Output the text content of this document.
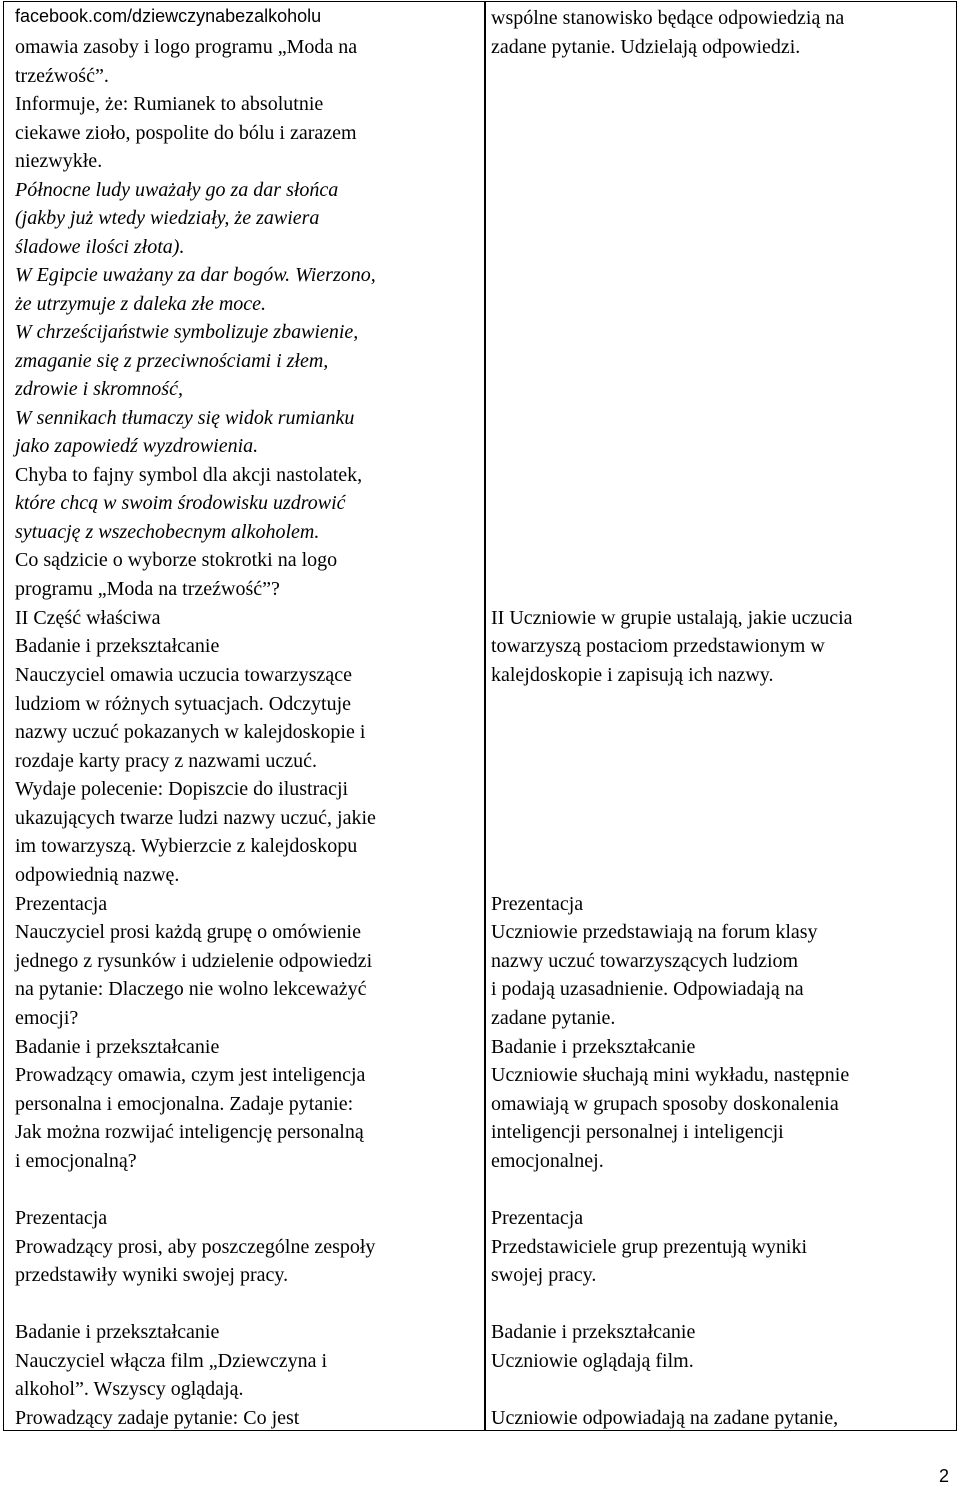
facebook.com/dziewczynabezalkoholu
omawia zasoby i logo programu „Moda na
trzeźwość”.
Informuje, że: Rumianek to absolutnie
ciekawe zioło, pospolite do bólu i zarazem
niezwykłe.
Północne ludy uważały go za dar słońca
(jakby już wtedy wiedziały, że zawiera
śladowe ilości złota).
W Egipcie uważany za dar bogów. Wierzono,
że utrzymuje z daleka złe moce.
W chrześcijaństwie symbolizuje zbawienie,
zmaganie się z przeciwnościami i złem,
zdrowie i skromność,
W sennikach tłumaczy się widok rumianku
jako zapowiedź wyzdrowienia.
Chyba to fajny symbol dla akcji nastolatek,
które chcą w swoim środowisku uzdrowić
sytuację z wszechobecnym alkoholem.
Co sądzicie o wyborze stokrotki na logo
programu „Moda na trzeźwość”?
II Część właściwa
Badanie i przekształcanie
Nauczyciel omawia uczucia towarzyszące
ludziom w różnych sytuacjach. Odczytuje
nazwy uczuć pokazanych w kalejdoskopie i
rozdaje karty pracy z nazwami uczuć.
Wydaje polecenie: Dopiszcie do ilustracji
ukazujących twarze ludzi nazwy uczuć, jakie
im towarzyszą. Wybierzcie z kalejdoskopu
odpowiednią nazwę.
Prezentacja
Nauczyciel prosi każdą grupę o omówienie
jednego z rysunków i udzielenie odpowiedzi
na pytanie: Dlaczego nie wolno lekceważyć
emocji?
Badanie i przekształcanie
Prowadzący omawia, czym jest inteligencja
personalna i emocjonalna. Zadaje pytanie:
Jak można rozwijać inteligencję personalną
i emocjonalną?
Prezentacja
Prowadzący prosi, aby poszczególne zespoły
przedstawiły wyniki swojej pracy.
Badanie i przekształcanie
Nauczyciel włącza film „Dziewczyna i
alkohol”. Wszyscy oglądają.
Prowadzący zadaje pytanie: Co jest
wspólne stanowisko będące odpowiedzią na
zadane pytanie. Udzielają odpowiedzi.
II Uczniowie w grupie ustalają, jakie uczucia
towarzyszą postaciom przedstawionym w
kalejdoskopie i zapisują ich nazwy.
Prezentacja
Uczniowie przedstawiają na forum klasy
nazwy uczuć towarzyszących ludziom
i podają uzasadnienie. Odpowiadają na
zadane pytanie.
Badanie i przekształcanie
Uczniowie słuchają mini wykładu, następnie
omawiają w grupach sposoby doskonalenia
inteligencji personalnej i inteligencji
emocjonalnej.
Prezentacja
Przedstawiciele grup prezentują wyniki
swojej pracy.
Badanie i przekształcanie
Uczniowie oglądają film.
Uczniowie odpowiadają na zadane pytanie,
2
